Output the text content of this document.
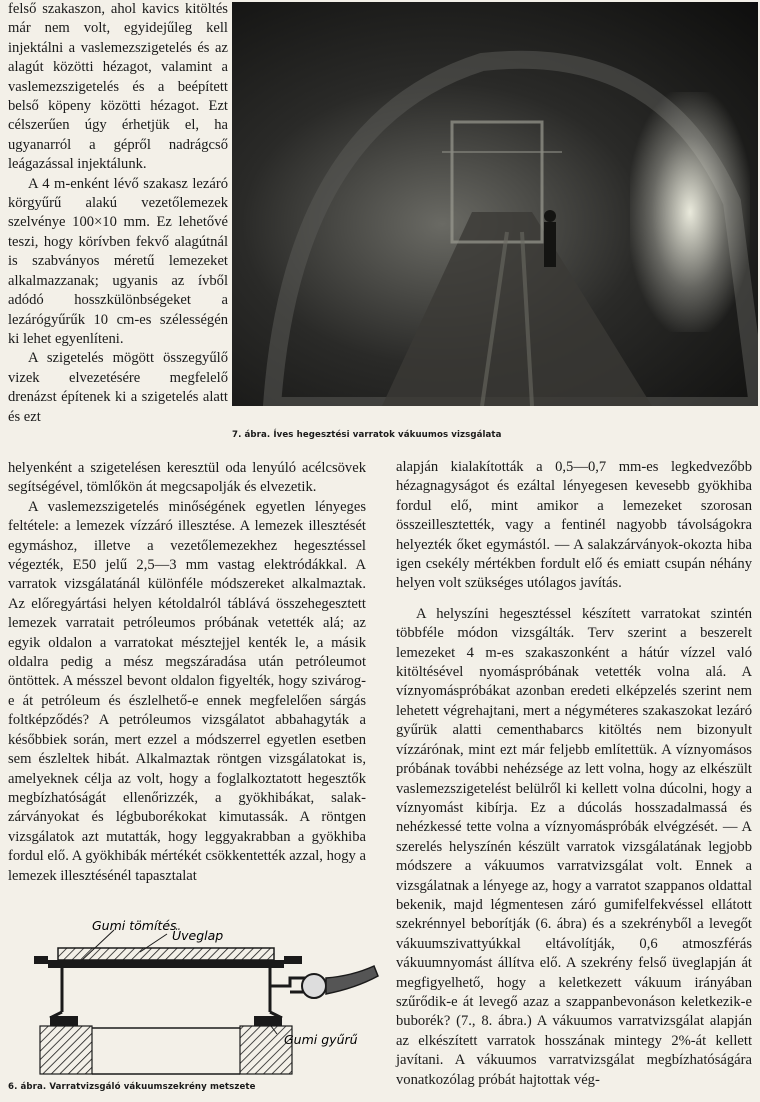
felső szakaszon, ahol kavics kitöltés már nem volt, egyidejűleg kell injektálni a vaslemezszigetelés és az alagút közötti hézagot, valamint a vaslemezszigetelés és a beépített belső köpeny közötti hézagot. Ezt célszerűen úgy érhetjük el, ha ugyanarról a gépről nadrágcső leágazással injektálunk.

A 4 m-enként lévő szakasz lezáró körgyűrű alakú vezetőlemezek szelvénye 100×10 mm. Ez lehetővé teszi, hogy körívben fekvő alagútnál is szabványos méretű lemezeket alkalmazzanak; ugyanis az ívből adódó hosszkülönbségeket a lezárógyűrűk 10 cm-es szélességén ki lehet egyenlíteni.

A szigetelés mögött összegyűlő vizek elvezetésére megfelelő drenázst építenek ki a szigetelés alatt és ezt

7. ábra. Íves hegesztési varratok vákuumos vizsgálata

helyenként a szigetelésen keresztül oda lenyúló acélcsövek segítségével, tömlőkön át megcsapolják és elvezetik.

A vaslemezszigetelés minőségének egyetlen lényeges feltétele: a lemezek vízzáró illesztése. A lemezek illesztését egymáshoz, illetve a vezetőlemezekhez hegesztéssel végezték, E50 jelű 2,5—3 mm vastag elektródákkal. A varratok vizsgálatánál különféle módszereket alkalmaztak. Az előregyártási helyen kétoldalról táblává összehegesztett lemezek varratait petróleumos próbának vetették alá; az egyik oldalon a varratokat mésztejjel kenték le, a másik oldalra pedig a mész megszáradása után petróleumot öntöttek. A mésszel bevont oldalon figyelték, hogy szivárog-e át petróleum és észlelhető-e ennek megfelelően sárgás foltképződés? A petróleumos vizsgálatot abbahagyták a későbbiek során, mert ezzel a módszerrel egyetlen esetben sem észleltek hibát. Alkalmaztak röntgen vizsgálatokat is, amelyeknek célja az volt, hogy a foglalkoztatott hegesztők megbízhatóságát ellenőrizzék, a gyökhibákat, salak-zárványokat és légbuborékokat kimutassák. A röntgen vizsgálatok azt mutatták, hogy leggyakrabban a gyökhiba fordul elő. A gyökhibák mértékét csökkentették azzal, hogy a lemezek illesztésénél tapasztalat

alapján kialakították a 0,5—0,7 mm-es legkedvezőbb hézagnagyságot és ezáltal lényegesen kevesebb gyökhiba fordul elő, mint amikor a lemezeket szorosan összeillesztették, vagy a fentinél nagyobb távolságokra helyezték őket egymástól. — A salakzárványok-okozta hiba igen csekély mértékben fordult elő és emiatt csupán néhány helyen volt szükséges utólagos javítás.

A helyszíni hegesztéssel készített varratokat szintén többféle módon vizsgálták. Terv szerint a beszerelt lemezeket 4 m-es szakaszonként a hátúr vízzel való kitöltésével nyomáspróbának vetették volna alá. A víznyomáspróbákat azonban eredeti elképzelés szerint nem lehetett végrehajtani, mert a négyméteres szakaszokat lezáró gyűrük alatti cementhabarcs kitöltés nem bizonyult vízzárónak, mint ezt már feljebb említettük. A víznyomásos próbának további nehézsége az lett volna, hogy az elkészült vaslemezszigetelést belülről ki kellett volna dúcolni, hogy a víznyomást kibírja. Ez a dúcolás hosszadalmassá és nehézkessé tette volna a víznyomáspróbák elvégzését. — A szerelés helyszínén készült varratok vizsgálatának legjobb módszere a vákuumos varratvizsgálat volt. Ennek a vizsgálatnak a lényege az, hogy a varratot szappanos oldattal bekenik, majd légmentesen záró gumifelfekvéssel ellátott szekrénnyel beborítják (6. ábra) és a szekrényből a levegőt vákuumszivattyúkkal eltávolítják, 0,6 atmoszférás vákuumnyomást állítva elő. A szekrény felső üveglapján át megfigyelhető, hogy a keletkezett vákuum irányában szűrődik-e át levegő azaz a szappanbevonáson keletkezik-e buborék? (7., 8. ábra.) A vákuumos varratvizsgálat alapján az elkészített varratok hosszának mintegy 2%-át kellett javítani. A vákuumos varratvizsgálat megbízhatóságára vonatkozólag próbát hajtottak vég-

Gumi tömítés
Üveglap
Gumi gyűrű
6. ábra. Varratvizsgáló vákuumszekrény metszete
